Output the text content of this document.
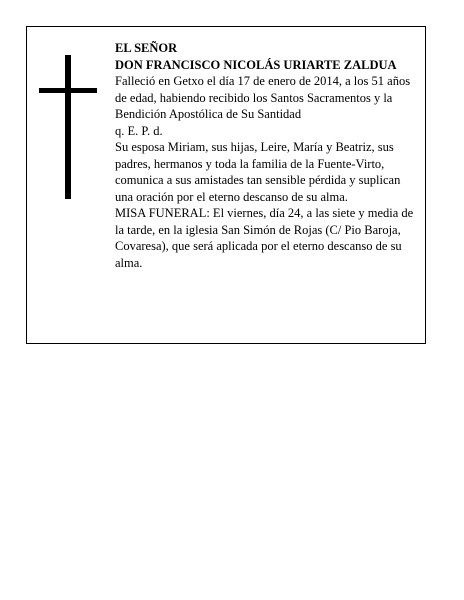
EL SEÑOR

DON FRANCISCO NICOLÁS URIARTE ZALDUA

Falleció en Getxo el día 17 de enero de 2014, a los 51 años de edad, habiendo recibido los Santos Sacramentos y la Bendición Apostólica de Su Santidad

q. E. P. d.

Su esposa Miriam, sus hijas, Leire, María y Beatriz, sus padres, hermanos y toda la familia de la Fuente-Virto, comunica a sus amistades tan sensible pérdida y suplican una oración por el eterno descanso de su alma.

MISA FUNERAL: El viernes, día 24, a las siete y media de la tarde, en la iglesia San Simón de Rojas (C/ Pio Baroja, Covaresa), que será aplicada por el eterno descanso de su alma.
